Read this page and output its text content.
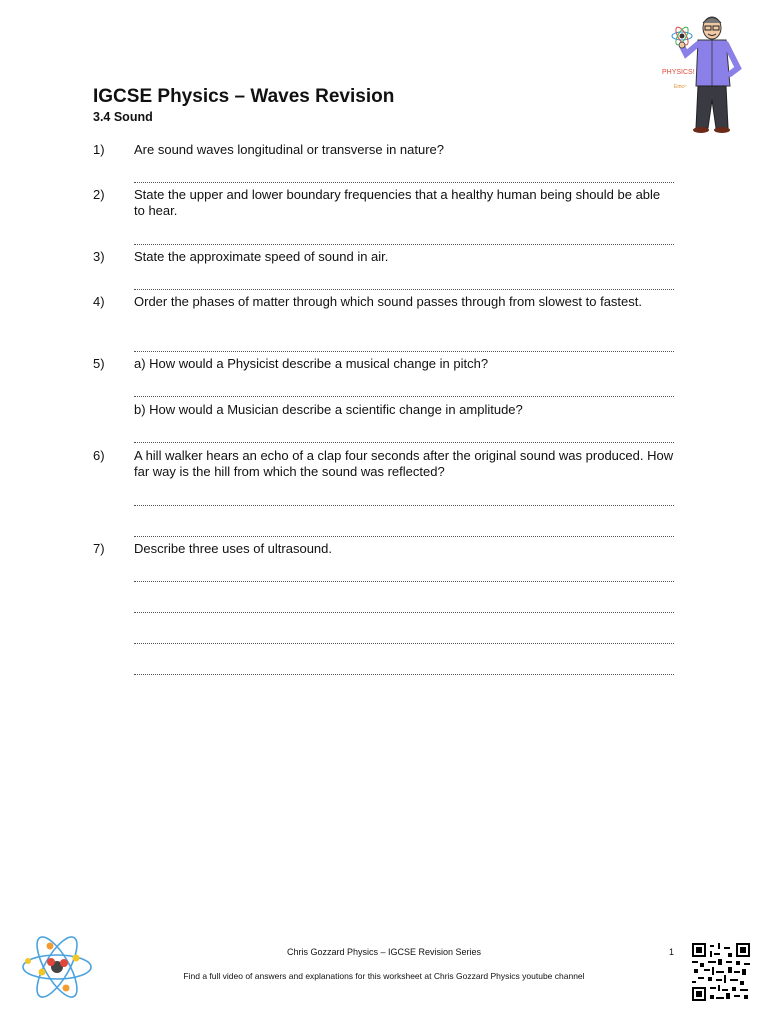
PHYSICS!
Emc²
IGCSE Physics – Waves Revision
3.4 Sound
1) Are sound waves longitudinal or transverse in nature?
2) State the upper and lower boundary frequencies that a healthy human being should be able to hear.
3) State the approximate speed of sound in air.
4) Order the phases of matter through which sound passes through from slowest to fastest.
5) a) How would a Physicist describe a musical change in pitch?
b) How would a Musician describe a scientific change in amplitude?
6) A hill walker hears an echo of a clap four seconds after the original sound was produced. How far way is the hill from which the sound was reflected?
7) Describe three uses of ultrasound.
Chris Gozzard Physics – IGCSE Revision Series	1
Find a full video of answers and explanations for this worksheet at Chris Gozzard Physics youtube channel
